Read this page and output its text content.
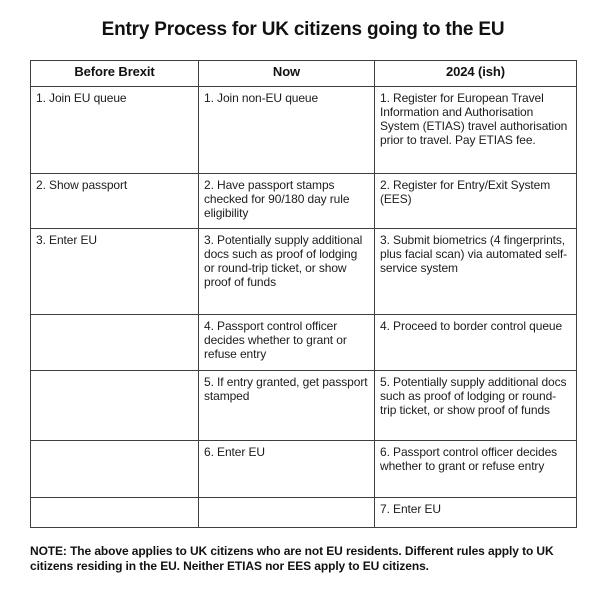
Entry Process for UK citizens going to the EU
Before Brexit	Now	2024 (ish)
1. Join EU queue	1. Join non-EU queue	1. Register for European Travel Information and Authorisation System (ETIAS) travel authorisation prior to travel. Pay ETIAS fee.
2. Show passport	2. Have passport stamps checked for 90/180 day rule eligibility	2. Register for Entry/Exit System (EES)
3. Enter EU	3. Potentially supply additional docs such as proof of lodging or round-trip ticket, or show proof of funds	3. Submit biometrics (4 fingerprints, plus facial scan) via automated self-service system
	4. Passport control officer decides whether to grant or refuse entry	4. Proceed to border control queue
	5. If entry granted, get passport stamped	5. Potentially supply additional docs such as proof of lodging or round-trip ticket, or show proof of funds
	6. Enter EU	6. Passport control officer decides whether to grant or refuse entry
		7. Enter EU

NOTE: The above applies to UK citizens who are not EU residents. Different rules apply to UK citizens residing in the EU. Neither ETIAS nor EES apply to EU citizens.
